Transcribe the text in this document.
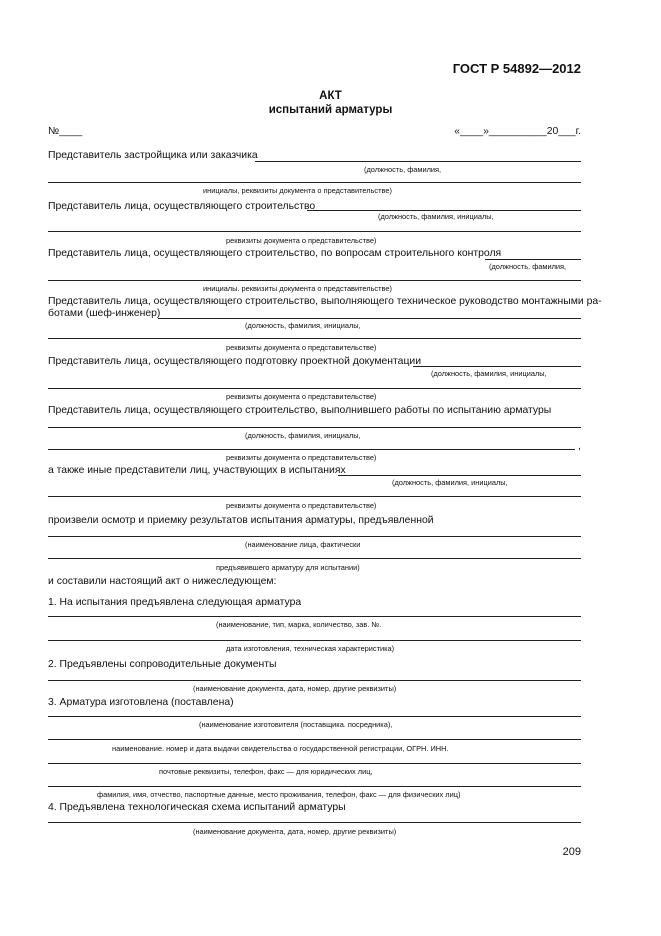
ГОСТ Р 54892—2012
АКТ
испытаний арматуры
№____	«____»__________20___г.
Представитель застройщика или заказчика
(должность, фамилия,
инициалы, реквизиты документа о представительстве)
Представитель лица, осуществляющего строительство
(должность, фамилия, инициалы,
реквизиты документа о представительстве)
Представитель лица, осуществляющего строительство, по вопросам строительного контроля
(должность. фамилия,
инициалы. реквизиты документа о представительстве)
Представитель лица, осуществляющего строительство, выполняющего техническое руководство монтажными ра-
ботами (шеф-инженер)
(должность, фамилия, инициалы,
реквизиты документа о представительстве)
Представитель лица, осуществляющего подготовку проектной документации
(должность, фамилия, инициалы,
реквизиты документа о представительстве)
Представитель лица, осуществляющего строительство, выполнившего работы по испытанию арматуры
(должность, фамилия, инициалы,
,
реквизиты документа о представительстве)
а также иные представители лиц, участвующих в испытаниях
(должность, фамилия, инициалы,
реквизиты документа о представительстве)
произвели осмотр и приемку результатов испытания арматуры, предъявленной
(наименование лица, фактически
предъявившего арматуру для испытании)
и составили настоящий акт о нижеследующем:
1. На испытания предъявлена следующая арматура
(наименование, тип, марка, количество, зав. №.
дата изготовления, техническая характеристика)
2. Предъявлены сопроводительные документы
(наименование документа, дата, номер, другие реквизиты)
3. Арматура изготовлена (поставлена)
(наименование изготовителя (поставщика. посредника),
наименование. номер и дата выдачи свидетельства о государственной регистрации, ОГРН. ИНН.
почтовые реквизиты, телефон, факс — для юридических лиц,
фамилия, имя, отчество, паспортные данные, место проживания, телефон, факс — для физических лиц)
4. Предъявлена технологическая схема испытаний арматуры
(наименование документа, дата, номер, другие реквизиты)
209
